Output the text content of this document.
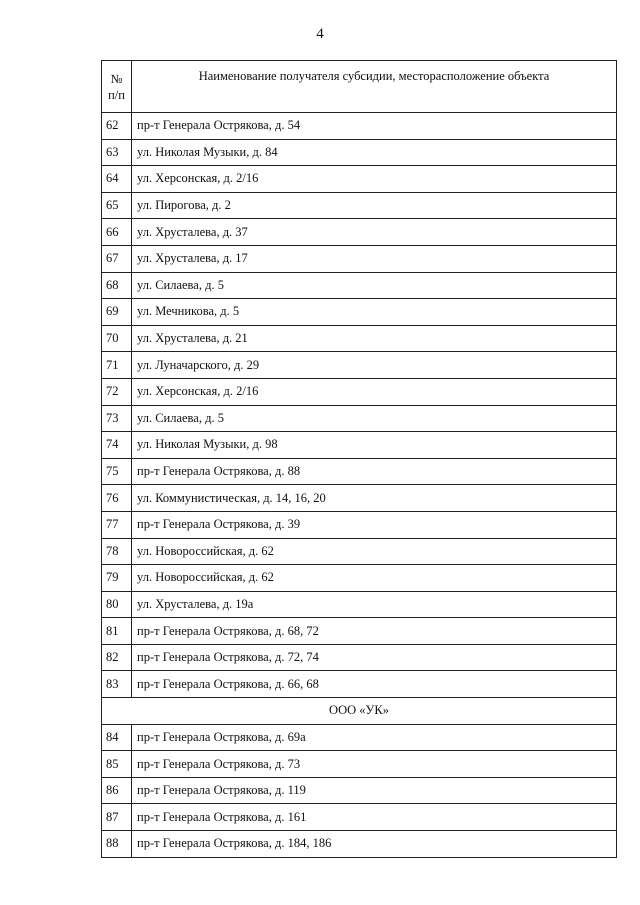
4
№
п/п	Наименование получателя субсидии, месторасположение объекта
62	пр-т Генерала Острякова, д. 54
63	ул. Николая Музыки, д. 84
64	ул. Херсонская, д. 2/16
65	ул. Пирогова, д. 2
66	ул. Хрусталева, д. 37
67	ул. Хрусталева, д. 17
68	ул. Силаева, д. 5
69	ул. Мечникова, д. 5
70	ул. Хрусталева, д. 21
71	ул. Луначарского, д. 29
72	ул. Херсонская, д. 2/16
73	ул. Силаева, д. 5
74	ул. Николая Музыки, д. 98
75	пр-т Генерала Острякова, д. 88
76	ул. Коммунистическая, д. 14, 16, 20
77	пр-т Генерала Острякова, д. 39
78	ул. Новороссийская, д. 62
79	ул. Новороссийская, д. 62
80	ул. Хрусталева, д. 19а
81	пр-т Генерала Острякова, д. 68, 72
82	пр-т Генерала Острякова, д. 72, 74
83	пр-т Генерала Острякова, д. 66, 68
ООО «УК»	
84	пр-т Генерала Острякова, д. 69а
85	пр-т Генерала Острякова, д. 73
86	пр-т Генерала Острякова, д. 119
87	пр-т Генерала Острякова, д. 161
88	пр-т Генерала Острякова, д. 184, 186
